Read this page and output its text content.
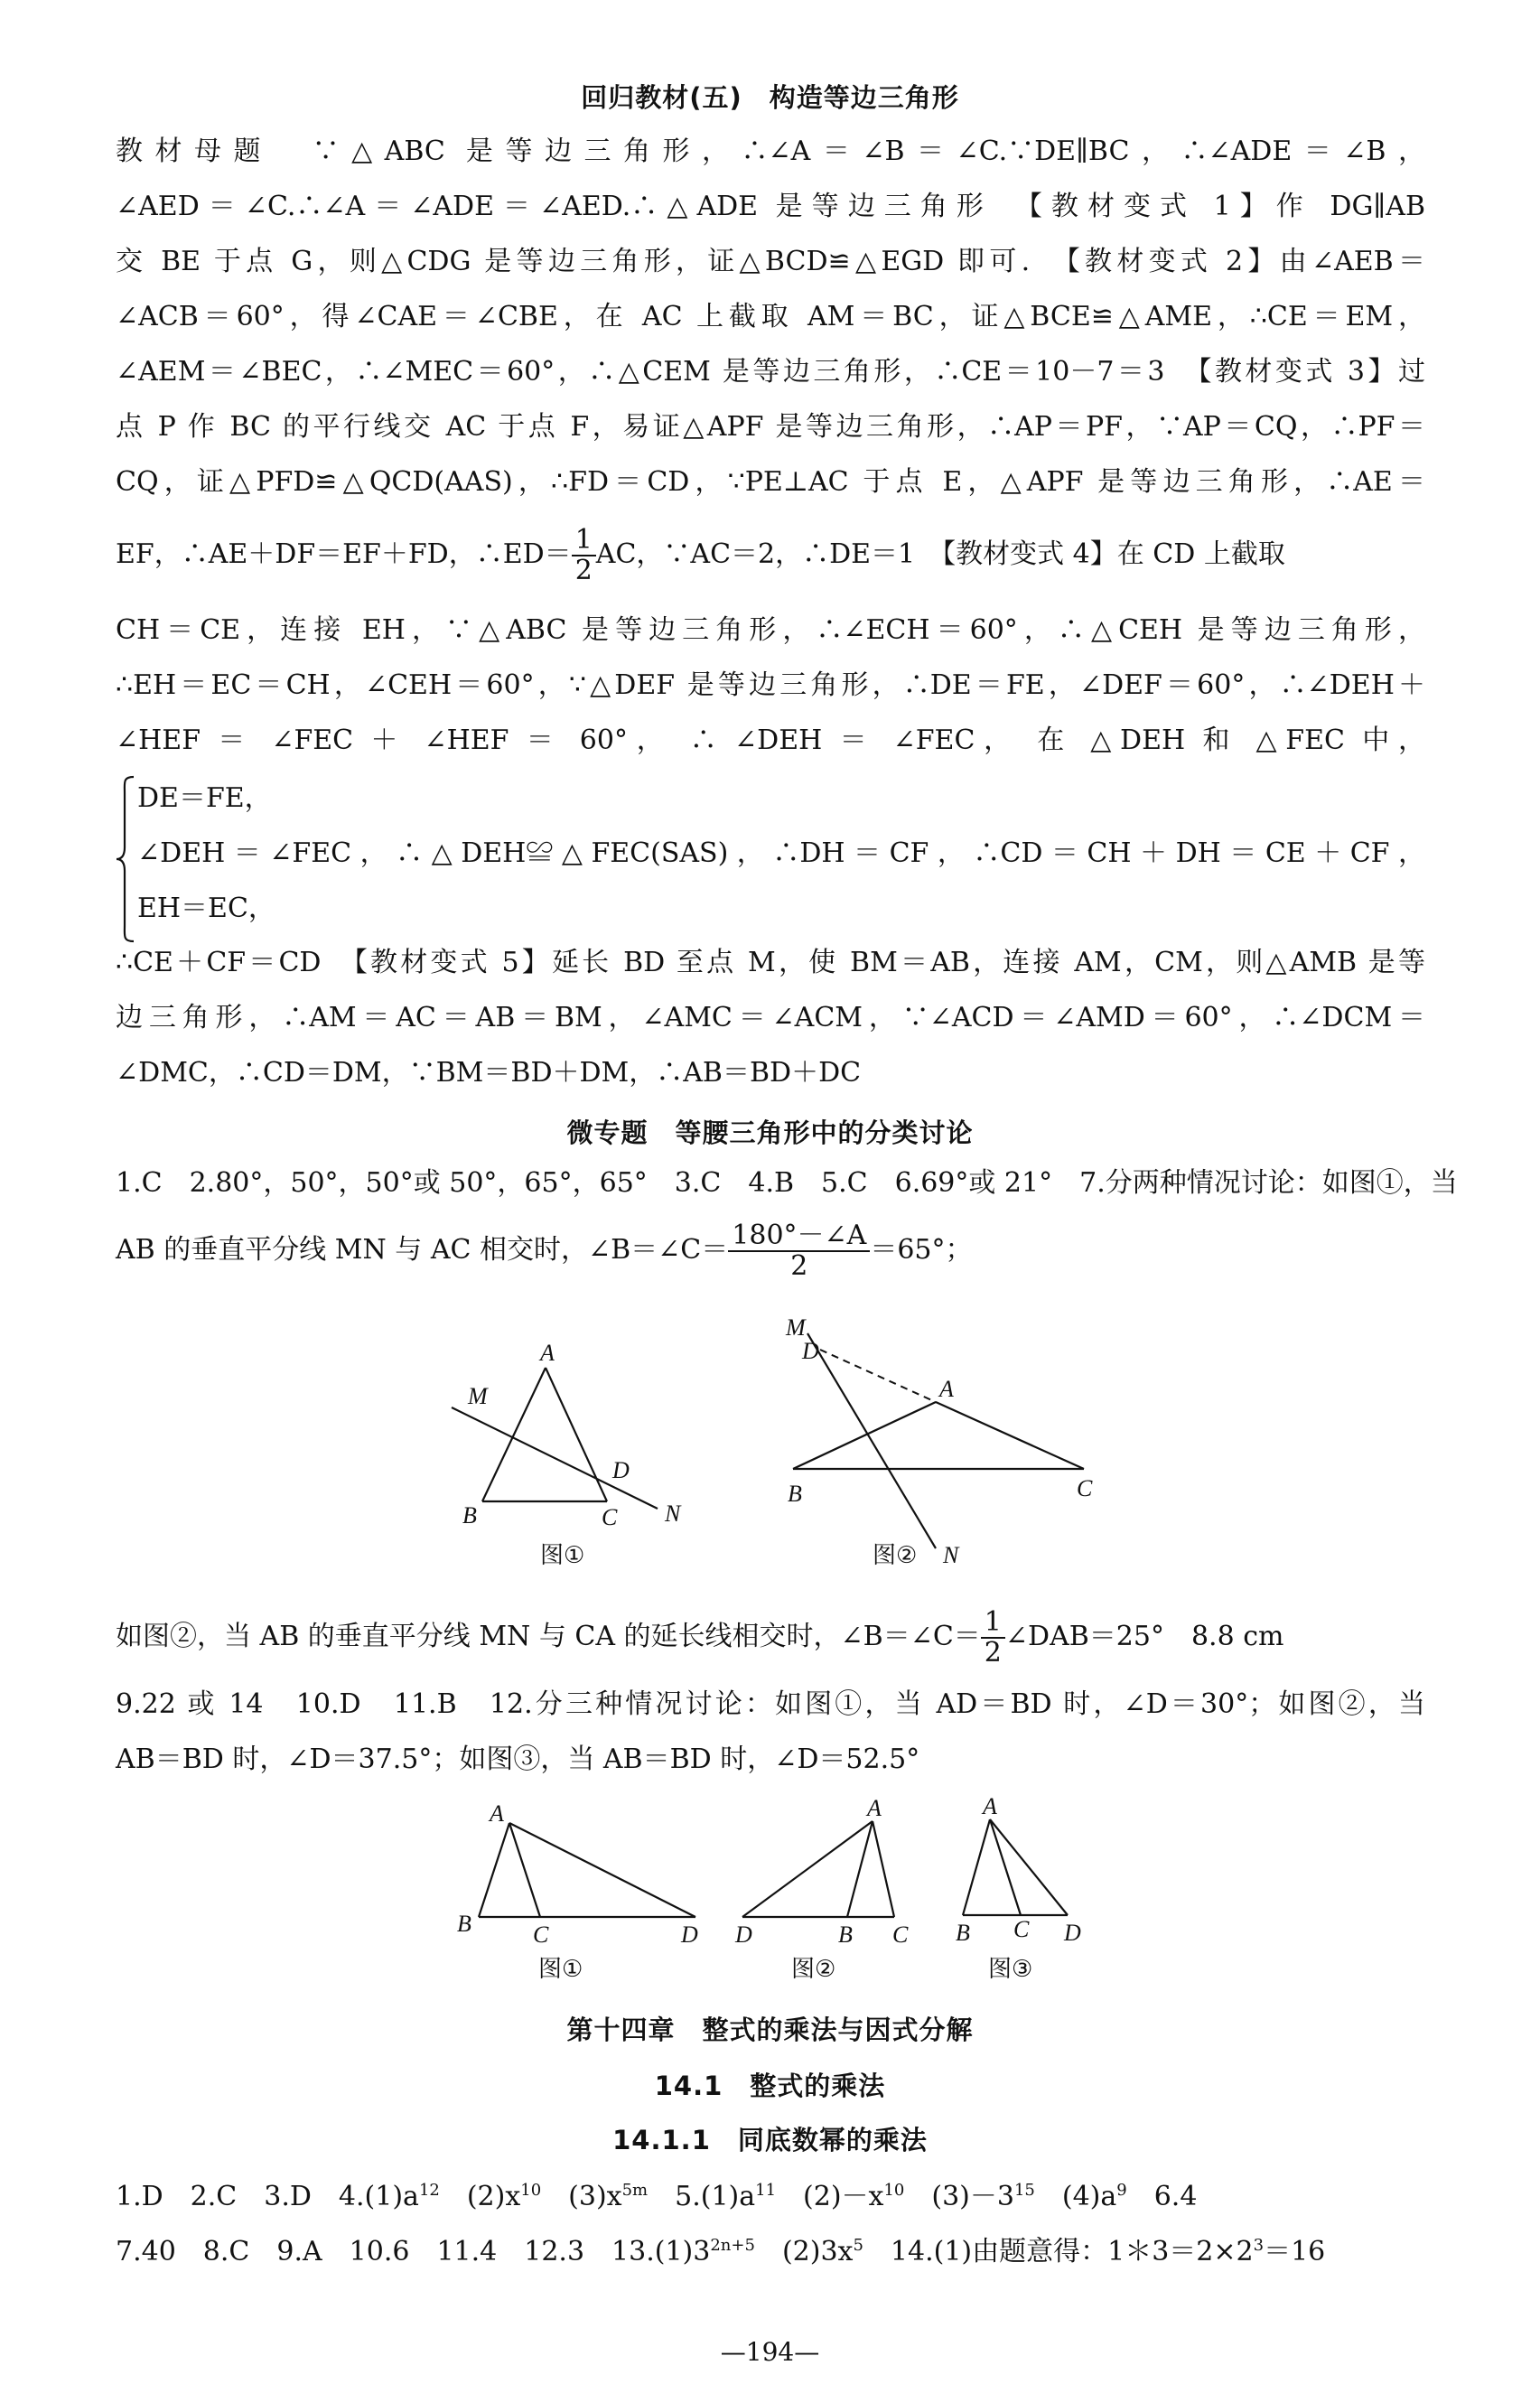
回归教材(五)　构造等边三角形
教材母题　∵△ABC 是等边三角形，∴∠A＝∠B＝∠C.∵DE∥BC，∴∠ADE＝∠B，
∠AED＝∠C.∴∠A＝∠ADE＝∠AED.∴△ADE 是等边三角形　【教材变式 1】作 DG∥AB
交 BE 于点 G，则△CDG 是等边三角形，证△BCD≌△EGD 即可.　【教材变式 2】由∠AEB＝
∠ACB＝60°，得∠CAE＝∠CBE，在 AC 上截取 AM＝BC，证△BCE≌△AME，∴CE＝EM，
∠AEM＝∠BEC，∴∠MEC＝60°，∴△CEM 是等边三角形，∴CE＝10－7＝3　【教材变式 3】过
点 P 作 BC 的平行线交 AC 于点 F，易证△APF 是等边三角形，∴AP＝PF，∵AP＝CQ，∴PF＝
CQ，证△PFD≌△QCD(AAS)，∴FD＝CD，∵PE⊥AC 于点 E，△APF 是等边三角形，∴AE＝
EF，∴AE＋DF＝EF＋FD，∴ED＝ $\frac{1}{2}$ AC，∵AC＝2，∴DE＝1　【教材变式 4】在 CD 上截取
CH＝CE，连接 EH，∵△ABC 是等边三角形，∴∠ECH＝60°，∴△CEH 是等边三角形，
∴EH＝EC＝CH，∠CEH＝60°，∵△DEF 是等边三角形，∴DE＝FE，∠DEF＝60°，∴∠DEH＋
∠HEF ＝ ∠FEC ＋ ∠HEF ＝ 60°， ∴ ∠DEH ＝ ∠FEC， 在 △DEH 和 △FEC 中，
DE＝FE，
∠DEH＝∠FEC，∴△DEH≌△FEC(SAS)，∴DH＝CF，∴CD＝CH＋DH＝CE＋CF，
EH＝EC，
∴CE＋CF＝CD　【教材变式 5】延长 BD 至点 M，使 BM＝AB，连接 AM，CM，则△AMB 是等
边三角形，∴AM＝AC＝AB＝BM，∠AMC＝∠ACM，∵∠ACD＝∠AMD＝60°，∴∠DCM＝
∠DMC，∴CD＝DM，∵BM＝BD＋DM，∴AB＝BD＋DC
微专题　等腰三角形中的分类讨论
1.C　2.80°，50°，50°或 50°，65°，65°　3.C　4.B　5.C　6.69°或 21°　7.分两种情况讨论：如图①，当
AB 的垂直平分线 MN 与 AC 相交时，∠B＝∠C＝ $\frac{180^\circ-\angle A}{2} =65^\circ$；
A
M
D
B	C N
图①
M
D
A
B	C
N
图②
如图②，当 AB 的垂直平分线 MN 与 CA 的延长线相交时，∠B＝∠C＝ $\frac{1}{2}$ ∠DAB＝25°　8.8 cm
9.22 或 14　10.D　11.B　12.分三种情况讨论：如图①，当 AD＝BD 时，∠D＝30°；如图②，当
AB＝BD 时，∠D＝37.5°；如图③，当 AB＝BD 时，∠D＝52.5°
A
B	C	D
图①
A
D	B C
图②
A
B C D
图③
第十四章　整式的乘法与因式分解
14.1　整式的乘法
14.1.1　同底数幂的乘法
1.D　2.C　3.D　$4.(1)a^{12}$　$(2)x^{10}$　$(3)x^{5m}$　$5.(1)a^{11}$　$(2)-x^{10}$　$(3)-3^{15}$　$(4)a^9$　6.4
7.40　8.C　9.A　10.6　11.4　12.3　$13.(1)3^{2n+5}$　$(2)3x^5$　14.(1)由题意得：$1*3=2\times 2^3=16$
—194—
